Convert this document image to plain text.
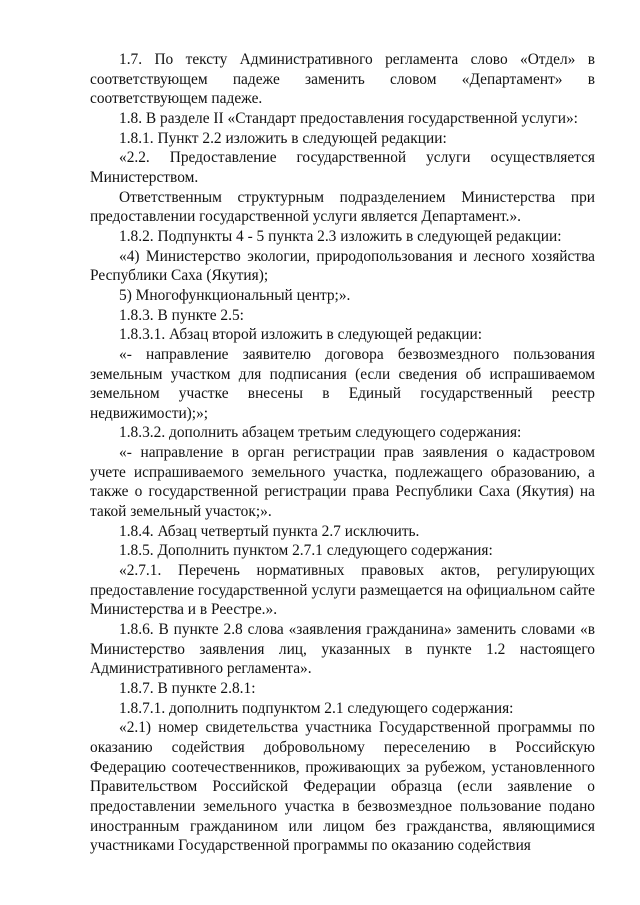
1.7. По тексту Административного регламента слово «Отдел» в соответствующем падеже заменить словом «Департамент» в соответствующем падеже.

1.8. В разделе II «Стандарт предоставления государственной услуги»:

1.8.1. Пункт 2.2 изложить в следующей редакции:

«2.2. Предоставление государственной услуги осуществляется Министерством.

Ответственным структурным подразделением Министерства при предоставлении государственной услуги является Департамент.».

1.8.2. Подпункты 4 - 5 пункта 2.3 изложить в следующей редакции:

«4) Министерство экологии, природопользования и лесного хозяйства Республики Саха (Якутия);

5) Многофункциональный центр;».

1.8.3. В пункте 2.5:

1.8.3.1. Абзац второй изложить в следующей редакции:

«- направление заявителю договора безвозмездного пользования земельным участком для подписания (если сведения об испрашиваемом земельном участке внесены в Единый государственный реестр недвижимости);»;

1.8.3.2. дополнить абзацем третьим следующего содержания:

«- направление в орган регистрации прав заявления о кадастровом учете испрашиваемого земельного участка, подлежащего образованию, а также о государственной регистрации права Республики Саха (Якутия) на такой земельный участок;».

1.8.4. Абзац четвертый пункта 2.7 исключить.

1.8.5. Дополнить пунктом 2.7.1 следующего содержания:

«2.7.1. Перечень нормативных правовых актов, регулирующих предоставление государственной услуги размещается на официальном сайте Министерства и в Реестре.».

1.8.6. В пункте 2.8 слова «заявления гражданина» заменить словами «в Министерство заявления лиц, указанных в пункте 1.2 настоящего Административного регламента».

1.8.7. В пункте 2.8.1:

1.8.7.1. дополнить подпунктом 2.1 следующего содержания:

«2.1) номер свидетельства участника Государственной программы по оказанию содействия добровольному переселению в Российскую Федерацию соотечественников, проживающих за рубежом, установленного Правительством Российской Федерации образца (если заявление о предоставлении земельного участка в безвозмездное пользование подано иностранным гражданином или лицом без гражданства, являющимися участниками Государственной программы по оказанию содействия
